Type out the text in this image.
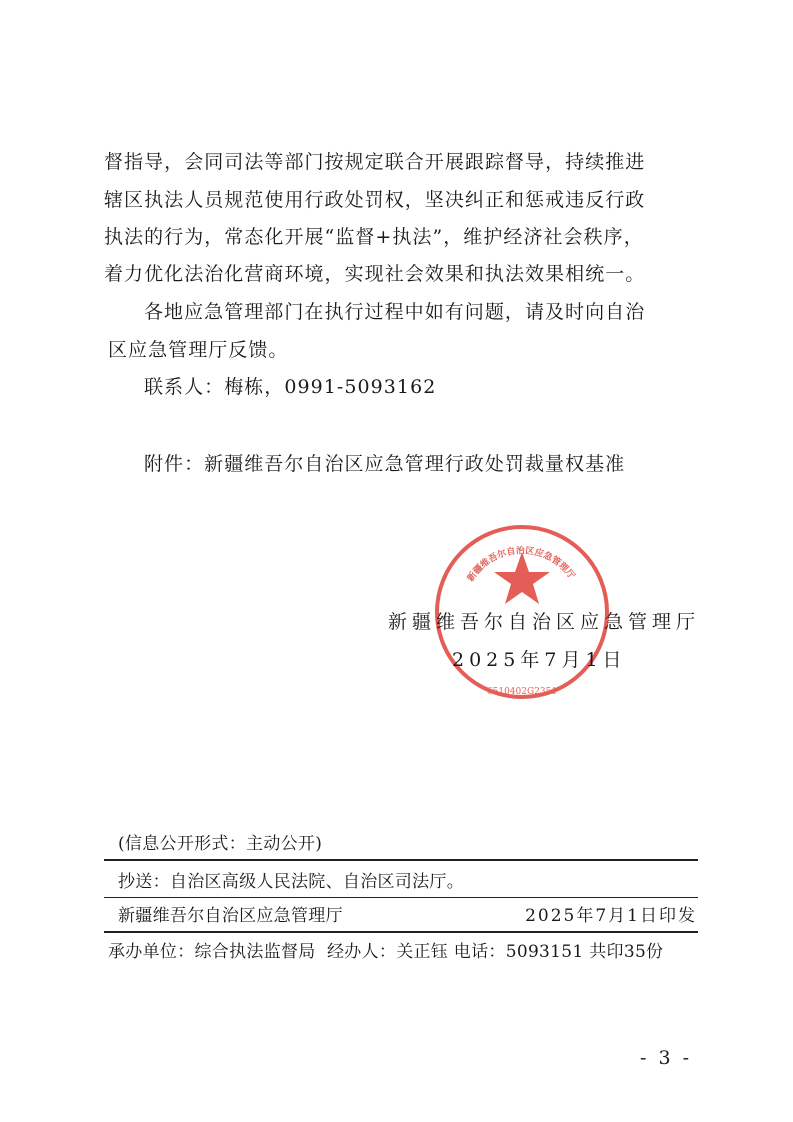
新疆维吾尔自治区应急管理厅
6510402G2351
督指导，会同司法等部门按规定联合开展跟踪督导，持续推进
辖区执法人员规范使用行政处罚权，坚决纠正和惩戒违反行政
执法的行为，常态化开展“监督+执法”，维护经济社会秩序，
着力优化法治化营商环境，实现社会效果和执法效果相统一。
各地应急管理部门在执行过程中如有问题，请及时向自治
区应急管理厅反馈。
联系人：梅栋，0991-5093162
附件：新疆维吾尔自治区应急管理行政处罚裁量权基准
新疆维吾尔自治区应急管理厅
2025年7月1日
(信息公开形式：主动公开)
抄送：自治区高级人民法院、自治区司法厅。
新疆维吾尔自治区应急管理厅	2025年7月1日印发
承办单位：综合执法监督局  经办人：关正钰 电话：5093151 共印35份
- 3 -
